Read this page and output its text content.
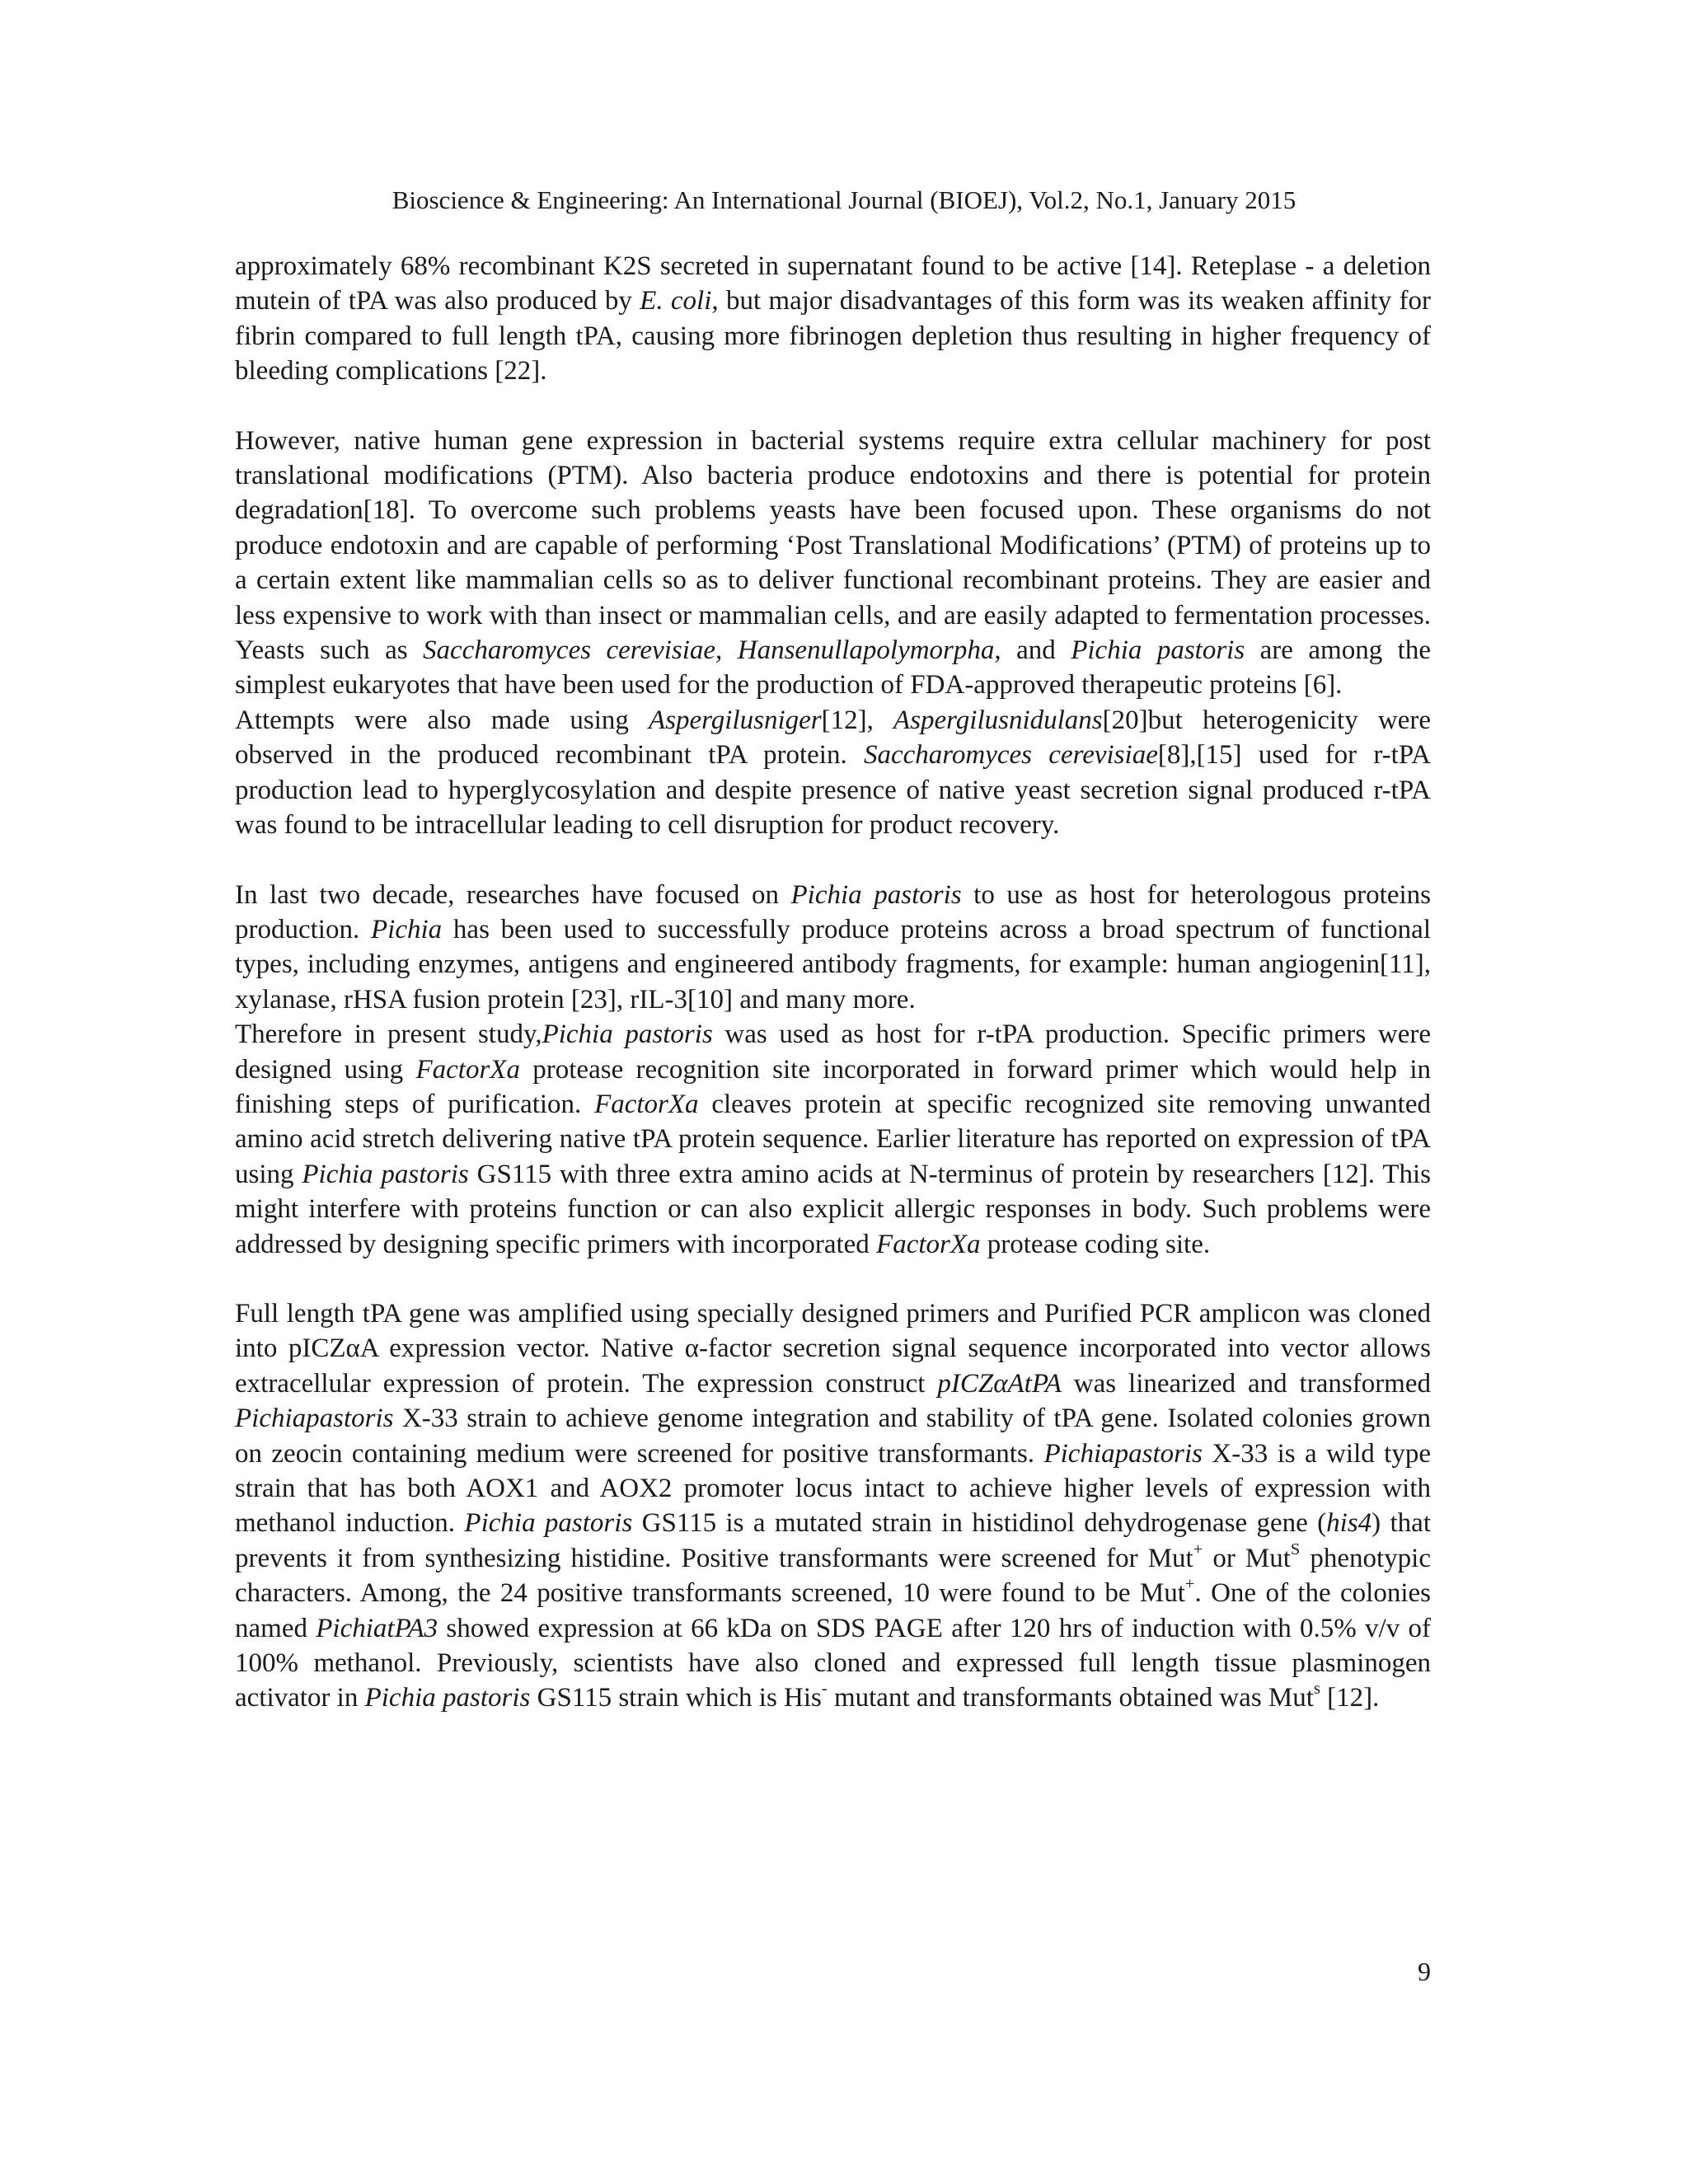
Bioscience & Engineering: An International Journal (BIOEJ), Vol.2, No.1, January 2015

approximately 68% recombinant K2S secreted in supernatant found to be active [14]. Reteplase - a deletion mutein of tPA was also produced by E. coli, but major disadvantages of this form was its weaken affinity for fibrin compared to full length tPA, causing more fibrinogen depletion thus resulting in higher frequency of bleeding complications [22].

However, native human gene expression in bacterial systems require extra cellular machinery for post translational modifications (PTM). Also bacteria produce endotoxins and there is potential for protein degradation[18]. To overcome such problems yeasts have been focused upon. These organisms do not produce endotoxin and are capable of performing ‘Post Translational Modifications’ (PTM) of proteins up to a certain extent like mammalian cells so as to deliver functional recombinant proteins. They are easier and less expensive to work with than insect or mammalian cells, and are easily adapted to fermentation processes. Yeasts such as Saccharomyces cerevisiae, Hansenullapolymorpha, and Pichia pastoris are among the simplest eukaryotes that have been used for the production of FDA-approved therapeutic proteins [6].

Attempts were also made using Aspergilusniger[12], Aspergilusnidulans[20]but heterogenicity were observed in the produced recombinant tPA protein. Saccharomyces cerevisiae[8],[15] used for r-tPA production lead to hyperglycosylation and despite presence of native yeast secretion signal produced r-tPA was found to be intracellular leading to cell disruption for product recovery.

In last two decade, researches have focused on Pichia pastoris to use as host for heterologous proteins production. Pichia has been used to successfully produce proteins across a broad spectrum of functional types, including enzymes, antigens and engineered antibody fragments, for example: human angiogenin[11], xylanase, rHSA fusion protein [23], rIL-3[10] and many more.

Therefore in present study,Pichia pastoris was used as host for r-tPA production. Specific primers were designed using FactorXa protease recognition site incorporated in forward primer which would help in finishing steps of purification. FactorXa cleaves protein at specific recognized site removing unwanted amino acid stretch delivering native tPA protein sequence. Earlier literature has reported on expression of tPA using Pichia pastoris GS115 with three extra amino acids at N-terminus of protein by researchers [12]. This might interfere with proteins function or can also explicit allergic responses in body. Such problems were addressed by designing specific primers with incorporated FactorXa protease coding site.

Full length tPA gene was amplified using specially designed primers and Purified PCR amplicon was cloned into pICZαA expression vector. Native α-factor secretion signal sequence incorporated into vector allows extracellular expression of protein. The expression construct pICZαAtPA was linearized and transformed Pichiapastoris X-33 strain to achieve genome integration and stability of tPA gene. Isolated colonies grown on zeocin containing medium were screened for positive transformants. Pichiapastoris X-33 is a wild type strain that has both AOX1 and AOX2 promoter locus intact to achieve higher levels of expression with methanol induction. Pichia pastoris GS115 is a mutated strain in histidinol dehydrogenase gene (his4) that prevents it from synthesizing histidine. Positive transformants were screened for Mut+ or Mut$^S$ phenotypic characters. Among, the 24 positive transformants screened, 10 were found to be Mut+. One of the colonies named PichiatPA3 showed expression at 66 kDa on SDS PAGE after 120 hrs of induction with 0.5% v/v of 100% methanol. Previously, scientists have also cloned and expressed full length tissue plasminogen activator in Pichia pastoris GS115 strain which is His- mutant and transformants obtained was Mut$^s$ [12].

9
